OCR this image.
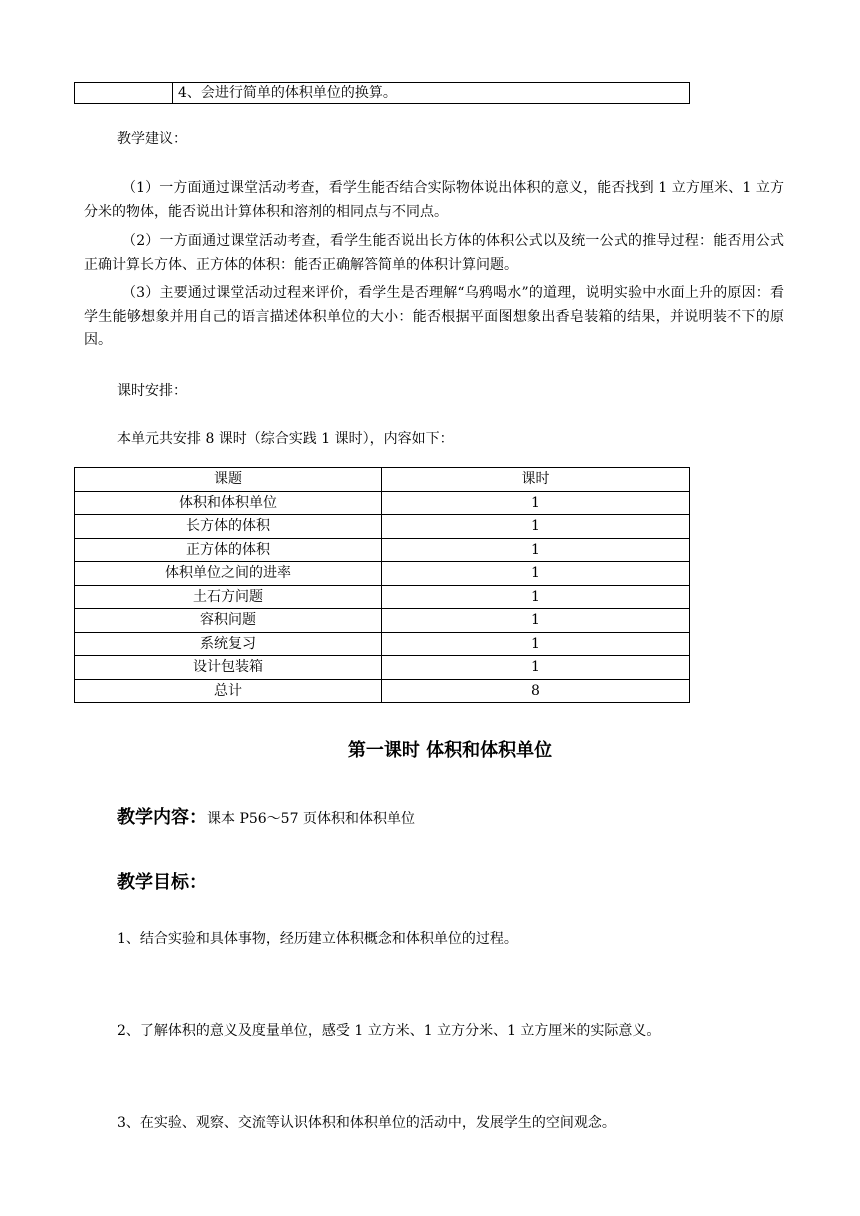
4、会进行简单的体积单位的换算。
教学建议：
（1）一方面通过课堂活动考查，看学生能否结合实际物体说出体积的意义，能否找到 1 立方厘米、1 立方分米的物体，能否说出计算体积和溶剂的相同点与不同点。
（2）一方面通过课堂活动考查，看学生能否说出长方体的体积公式以及统一公式的推导过程：能否用公式正确计算长方体、正方体的体积：能否正确解答简单的体积计算问题。
（3）主要通过课堂活动过程来评价，看学生是否理解“乌鸦喝水”的道理，说明实验中水面上升的原因：看学生能够想象并用自己的语言描述体积单位的大小：能否根据平面图想象出香皂装箱的结果，并说明装不下的原因。
课时安排：
本单元共安排 8 课时（综合实践 1 课时），内容如下：
课题	课时
体积和体积单位	1
长方体的体积	1
正方体的体积	1
体积单位之间的进率	1
土石方问题	1
容积问题	1
系统复习	1
设计包装箱	1
总计	8
第一课时 体积和体积单位
教学内容：课本 P56～57 页体积和体积单位
教学目标：
1、结合实验和具体事物，经历建立体积概念和体积单位的过程。
2、了解体积的意义及度量单位，感受 1 立方米、1 立方分米、1 立方厘米的实际意义。
3、在实验、观察、交流等认识体积和体积单位的活动中，发展学生的空间观念。
